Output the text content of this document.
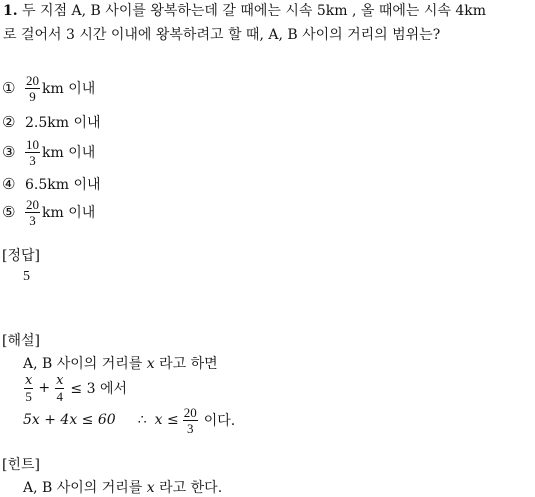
1. 두 지점 A, B 사이를 왕복하는데 갈 때에는 시속 5km , 올 때에는 시속 4km
로 걸어서 3 시간 이내에 왕복하려고 할 때, A, B 사이의 거리의 범위는?
① $\frac{20}{9}$ km 이내
② 2.5km 이내
③ $\frac{10}{3}$ km 이내
④ 6.5km 이내
⑤ $\frac{20}{3}$ km 이내
[정답]
5
[해설]
A, B 사이의 거리를 x 라고 하면
$\frac{x}{5} + \frac{x}{4} \le 3$ 에서
5x + 4x ≤ 60 ∴ $x \le \frac{20}{3}$ 이다.
[힌트]
A, B 사이의 거리를 x 라고 한다.
